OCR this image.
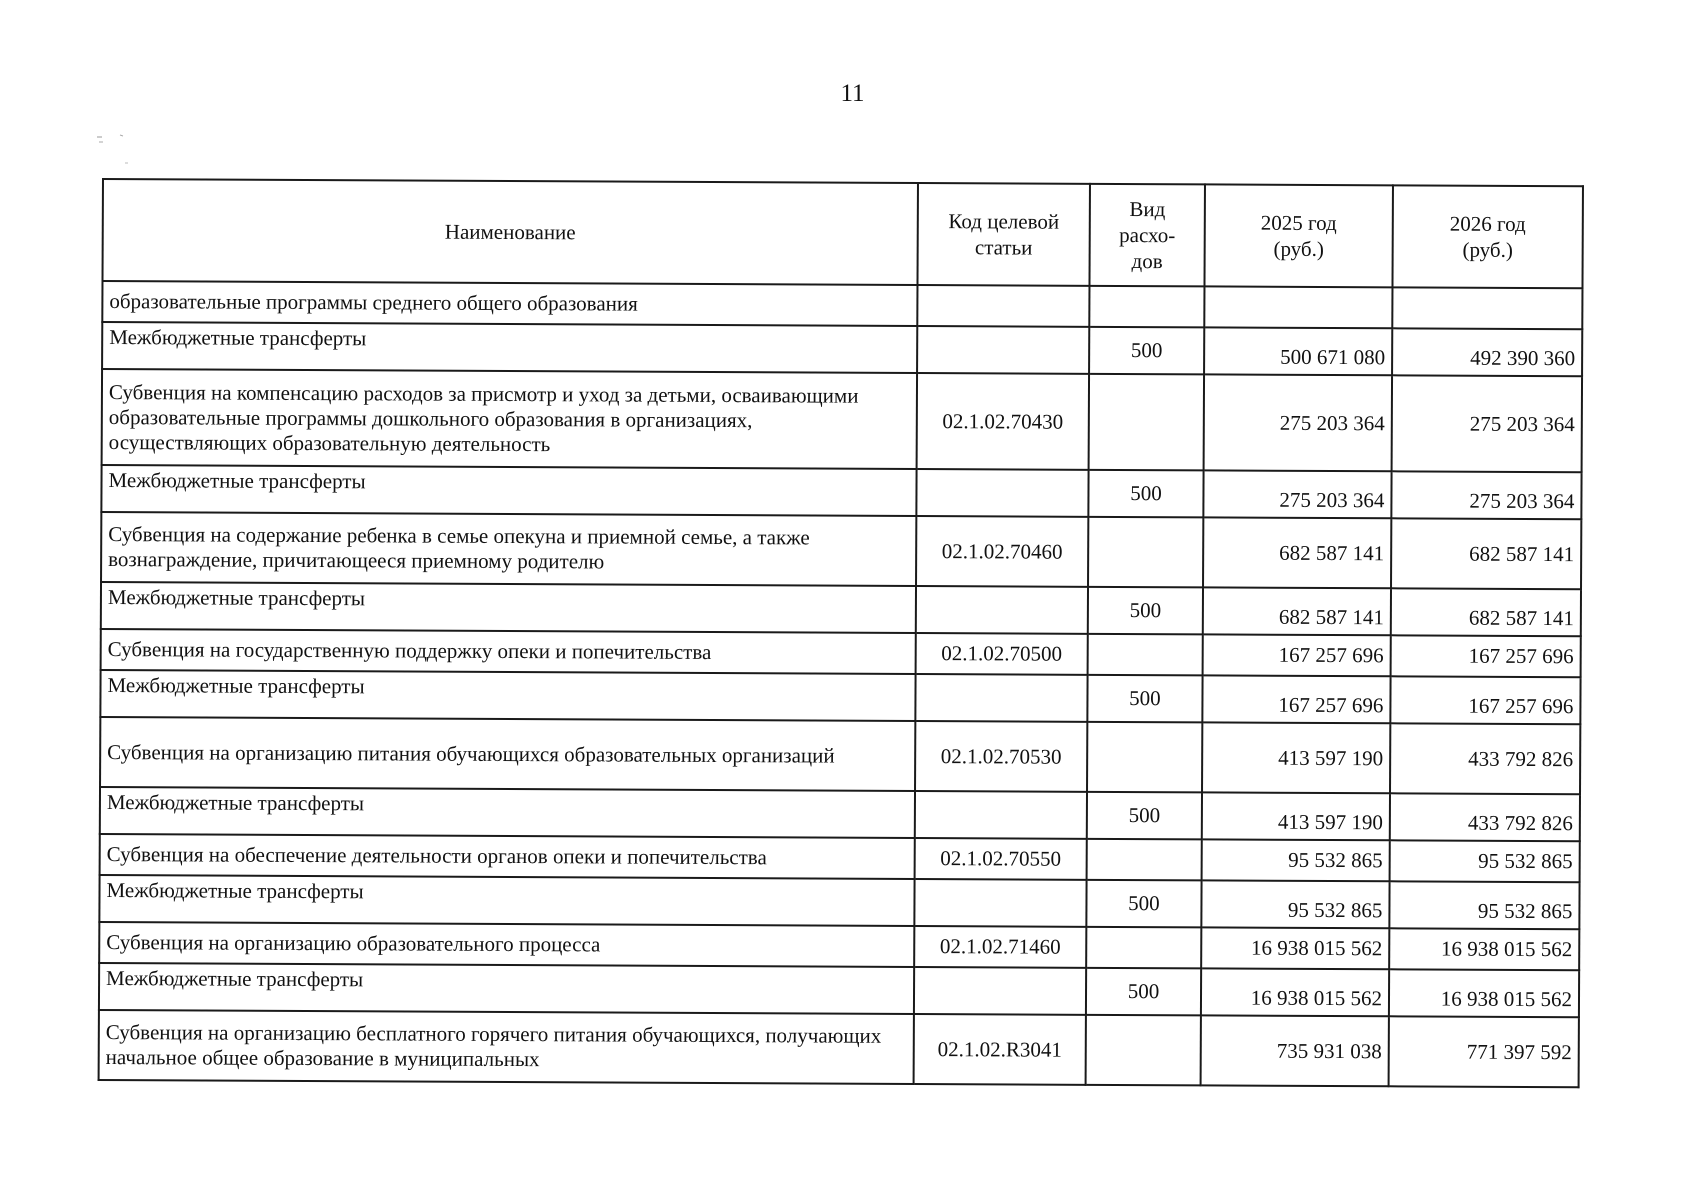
11
Наименование	Код целевой статьи	Вид расхо-дов	2025 год (руб.)	2026 год (руб.)
образовательные программы среднего общего образования				
Межбюджетные трансферты		500	500 671 080	492 390 360
Субвенция на компенсацию расходов за присмотр и уход за детьми, осваивающими образовательные программы дошкольного образования в организациях, осуществляющих образовательную деятельность	02.1.02.70430		275 203 364	275 203 364
Межбюджетные трансферты		500	275 203 364	275 203 364
Субвенция на содержание ребенка в семье опекуна и приемной семье, а также вознаграждение, причитающееся приемному родителю	02.1.02.70460		682 587 141	682 587 141
Межбюджетные трансферты		500	682 587 141	682 587 141
Субвенция на государственную поддержку опеки и попечительства	02.1.02.70500		167 257 696	167 257 696
Межбюджетные трансферты		500	167 257 696	167 257 696
Субвенция на организацию питания обучающихся образовательных организаций	02.1.02.70530		413 597 190	433 792 826
Межбюджетные трансферты		500	413 597 190	433 792 826
Субвенция на обеспечение деятельности органов опеки и попечительства	02.1.02.70550		95 532 865	95 532 865
Межбюджетные трансферты		500	95 532 865	95 532 865
Субвенция на организацию образовательного процесса	02.1.02.71460		16 938 015 562	16 938 015 562
Межбюджетные трансферты		500	16 938 015 562	16 938 015 562
Субвенция на организацию бесплатного горячего питания обучающихся, получающих начальное общее образование в муниципальных	02.1.02.R3041		735 931 038	771 397 592
